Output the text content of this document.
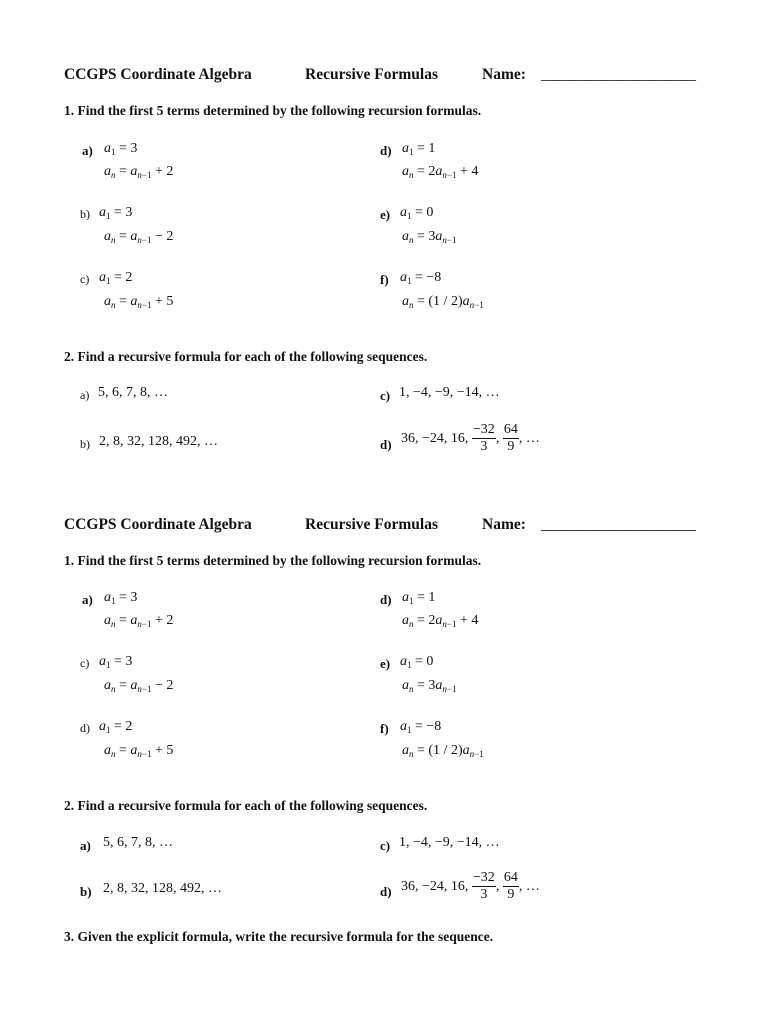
CCGPS Coordinate Algebra	Recursive Formulas	Name: ____________________
1. Find the first 5 terms determined by the following recursion formulas.
a) $a_1 = 3$
$a_n = a_{n-1} + 2$
d) $a_1 = 1$
$a_n = 2a_{n-1} + 4$
b) $a_1 = 3$
$a_n = a_{n-1} - 2$
e) $a_1 = 0$
$a_n = 3a_{n-1}$
c) $a_1 = 2$
$a_n = a_{n-1} + 5$
f) $a_1 = -8$
$a_n = (1 / 2)a_{n-1}$
2. Find a recursive formula for each of the following sequences.
a) 5, 6, 7, 8, …	c) 1, −4, −9, −14, …
b) 2, 8, 32, 128, 492, …	d) 36, −24, 16,
$\frac{-32}{3}$ , $\frac{64}{9}$ , …
CCGPS Coordinate Algebra	Recursive Formulas	Name: ____________________
1. Find the first 5 terms determined by the following recursion formulas.
a) $a_1 = 3$
$a_n = a_{n-1} + 2$
d) $a_1 = 1$
$a_n = 2a_{n-1} + 4$
c) $a_1 = 3$
$a_n = a_{n-1} - 2$
e) $a_1 = 0$
$a_n = 3a_{n-1}$
d) $a_1 = 2$
$a_n = a_{n-1} + 5$
f) $a_1 = -8$
$a_n = (1 / 2)a_{n-1}$
2. Find a recursive formula for each of the following sequences.
a) 5, 6, 7, 8, …	c) 1, −4, −9, −14, …
b) 2, 8, 32, 128, 492, …	d) 36, −24, 16,
$\frac{-32}{3}$ , $\frac{64}{9}$ , …
3. Given the explicit formula, write the recursive formula for the sequence.
